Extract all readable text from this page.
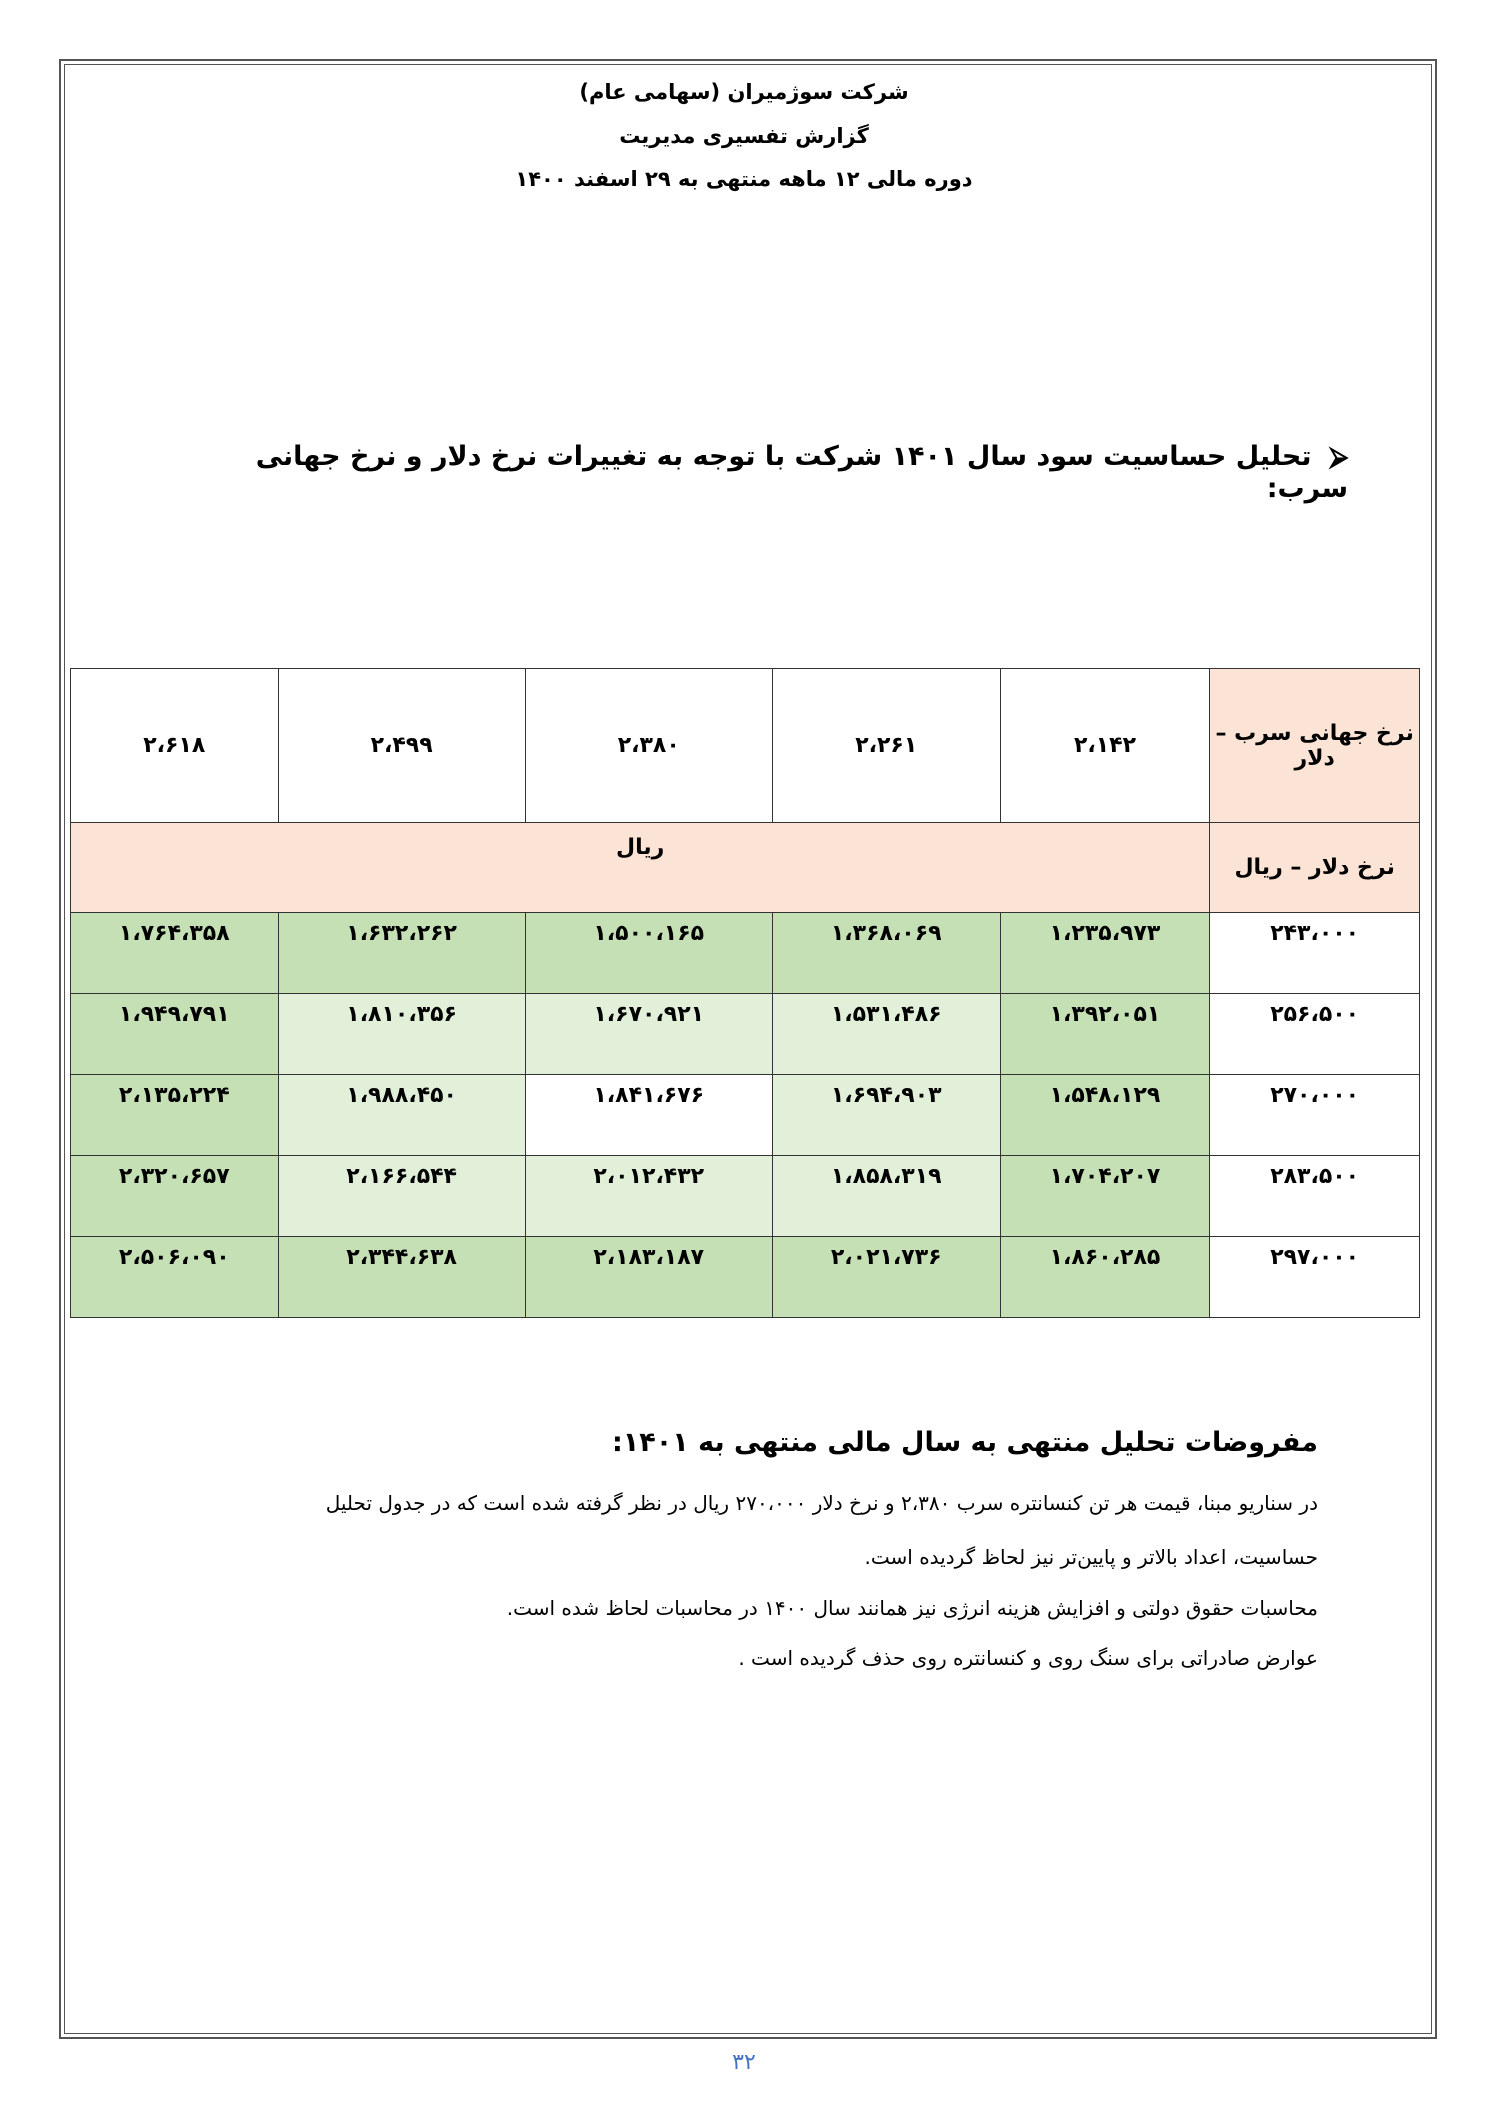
شرکت سوژمیران (سهامی عام)
گزارش تفسیری مدیریت
دوره مالی ۱۲ ماهه منتهی به ۲۹ اسفند ۱۴۰۰
⮚تحلیل حساسیت سود سال ۱۴۰۱ شرکت با توجه به تغییرات نرخ دلار و نرخ جهانی سرب:
نرخ جهانی سرب – دلار	۲،۱۴۲	۲،۲۶۱	۲،۳۸۰	۲،۴۹۹	۲،۶۱۸
نرخ دلار – ریال	ریال				
۲۴۳،۰۰۰	۱،۲۳۵،۹۷۳	۱،۳۶۸،۰۶۹	۱،۵۰۰،۱۶۵	۱،۶۳۲،۲۶۲	۱،۷۶۴،۳۵۸
۲۵۶،۵۰۰	۱،۳۹۲،۰۵۱	۱،۵۳۱،۴۸۶	۱،۶۷۰،۹۲۱	۱،۸۱۰،۳۵۶	۱،۹۴۹،۷۹۱
۲۷۰،۰۰۰	۱،۵۴۸،۱۲۹	۱،۶۹۴،۹۰۳	۱،۸۴۱،۶۷۶	۱،۹۸۸،۴۵۰	۲،۱۳۵،۲۲۴
۲۸۳،۵۰۰	۱،۷۰۴،۲۰۷	۱،۸۵۸،۳۱۹	۲،۰۱۲،۴۳۲	۲،۱۶۶،۵۴۴	۲،۳۲۰،۶۵۷
۲۹۷،۰۰۰	۱،۸۶۰،۲۸۵	۲،۰۲۱،۷۳۶	۲،۱۸۳،۱۸۷	۲،۳۴۴،۶۳۸	۲،۵۰۶،۰۹۰
مفروضات تحلیل منتهی به سال مالی منتهی به ۱۴۰۱:
در سناریو مبنا، قیمت هر تن کنسانتره سرب ۲،۳۸۰ و نرخ دلار ۲۷۰،۰۰۰ ریال در نظر گرفته شده است که در جدول تحلیل
حساسیت، اعداد بالاتر و پایین‌تر نیز لحاظ گردیده است.
محاسبات حقوق دولتی و افزایش هزینه انرژی نیز همانند سال ۱۴۰۰ در محاسبات لحاظ شده است.
عوارض صادراتی برای سنگ روی و کنسانتره روی حذف گردیده است .
۳۲
